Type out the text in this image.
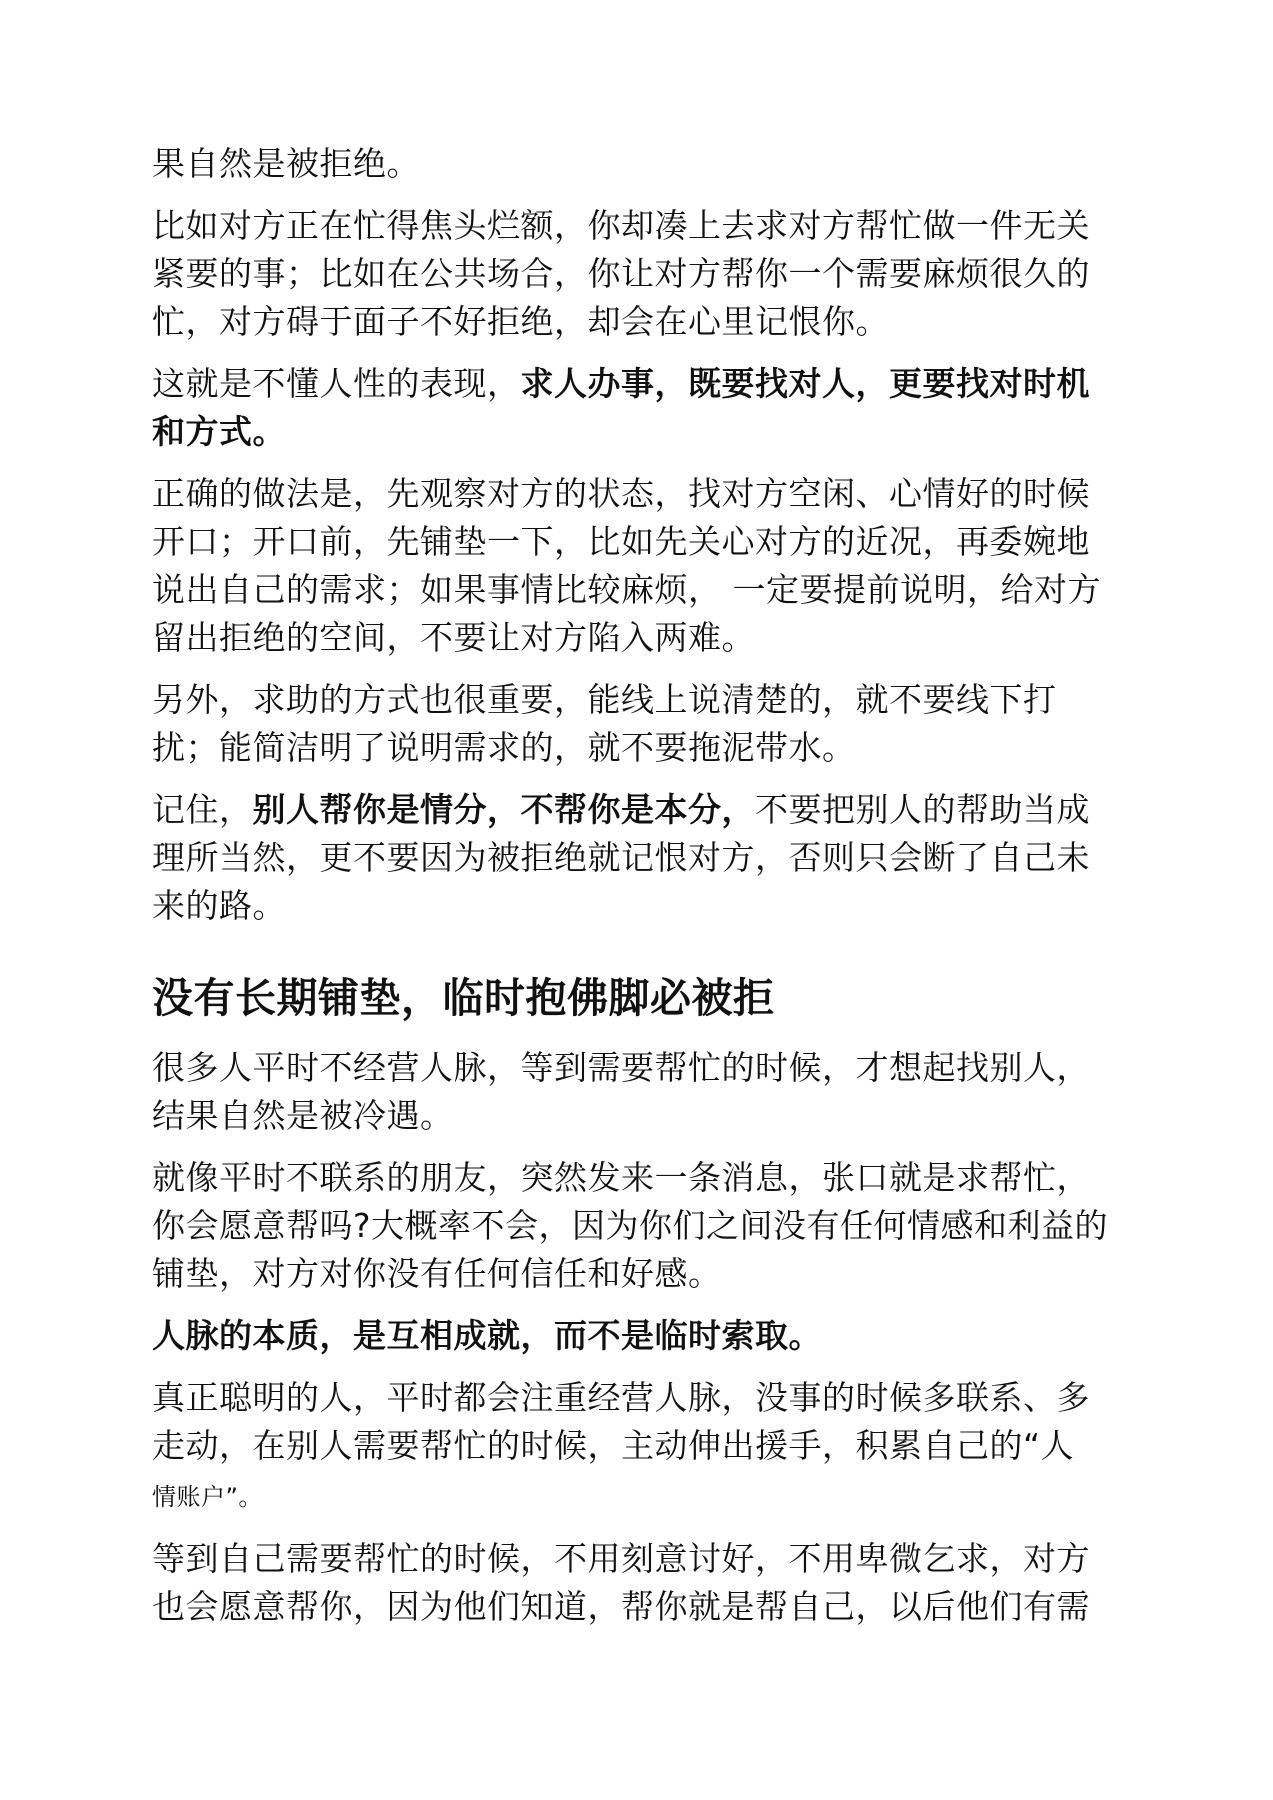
果自然是被拒绝。

比如对方正在忙得焦头烂额，你却凑上去求对方帮忙做一件无关紧要的事；比如在公共场合，你让对方帮你一个需要麻烦很久的忙，对方碍于面子不好拒绝，却会在心里记恨你。

这就是不懂人性的表现，求人办事，既要找对人，更要找对时机和方式。

正确的做法是，先观察对方的状态，找对方空闲、心情好的时候开口；开口前，先铺垫一下，比如先关心对方的近况，再委婉地说出自己的需求；如果事情比较麻烦， 一定要提前说明，给对方留出拒绝的空间，不要让对方陷入两难。

另外，求助的方式也很重要，能线上说清楚的，就不要线下打扰；能简洁明了说明需求的，就不要拖泥带水。

记住，别人帮你是情分，不帮你是本分，不要把别人的帮助当成理所当然，更不要因为被拒绝就记恨对方，否则只会断了自己未来的路。

没有长期铺垫，临时抱佛脚必被拒

很多人平时不经营人脉，等到需要帮忙的时候，才想起找别人，结果自然是被冷遇。

就像平时不联系的朋友，突然发来一条消息，张口就是求帮忙，你会愿意帮吗?大概率不会，因为你们之间没有任何情感和利益的铺垫，对方对你没有任何信任和好感。

人脉的本质，是互相成就，而不是临时索取。

真正聪明的人，平时都会注重经营人脉，没事的时候多联系、多走动，在别人需要帮忙的时候，主动伸出援手，积累自己的“人
情账户”。

等到自己需要帮忙的时候，不用刻意讨好，不用卑微乞求，对方也会愿意帮你，因为他们知道，帮你就是帮自己，以后他们有需
